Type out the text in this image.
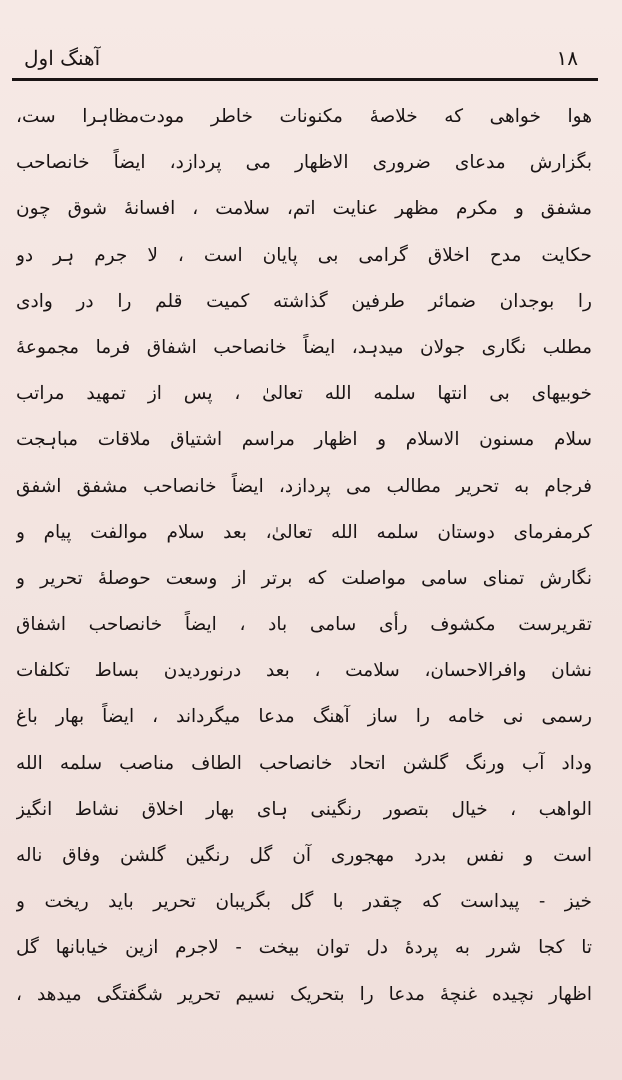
۱۸
آهنگ اول
هوا خواهی که خلاصهٔ مکنونات خاطر مودت‌مظاہرا ست،
بگزارش مدعای ضروری الاظهار می پردازد، ایضاً خانصاحب
مشفق و مکرم مظهر عنایت اتم، سلامت ، افسانهٔ شوق چون
حکایت مدح اخلاق گرامی بی پایان است ، لا جرم ہر دو
را بوجدان ضمائر طرفین گذاشته کمیت قلم را در وادی
مطلب نگاری جولان میدہد، ایضاً خانصاحب اشفاق فرما مجموعهٔ
خوبیهای بی انتها سلمه الله تعالیٰ ، پس از تمهید مراتب
سلام مسنون الاسلام و اظهار مراسم اشتیاق ملاقات مباہجت
فرجام به تحریر مطالب می پردازد، ایضاً خانصاحب مشفق اشفق
کرمفرمای دوستان سلمه الله تعالیٰ، بعد سلام موالفت پیام و
نگارش تمنای سامی مواصلت که برتر از وسعت حوصلهٔ تحریر و
تقریرست مکشوف رأی سامی باد ، ایضاً خانصاحب اشفاق
نشان وافرالاحسان، سلامت ، بعد درنوردیدن بساط تکلفات
رسمی نی خامه را ساز آهنگ مدعا میگرداند ، ایضاً بهار باغ
وداد آب ورنگ گلشن اتحاد خانصاحب الطاف مناصب سلمه الله
الواهب ، خیال بتصور رنگینی ہای بهار اخلاق نشاط انگیز
است و نفس بدرد مهجوری آن گل رنگین گلشن وفاق ناله
خیز - پیداست که چقدر با گل بگریبان تحریر باید ریخت و
تا کجا شرر به پردهٔ دل توان بیخت - لاجرم ازین خیابانها گل
اظهار نچیده غنچهٔ مدعا را بتحریک نسیم تحریر شگفتگی میدهد ،
